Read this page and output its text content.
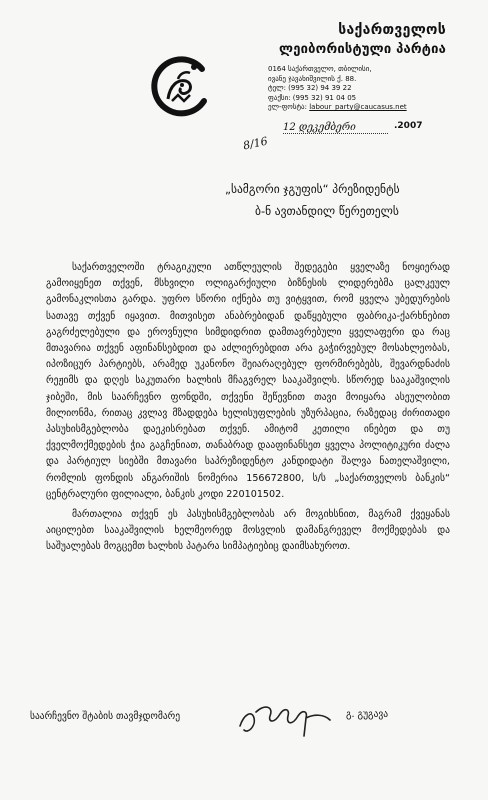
საქართველოს
ლეიბორისტული პარტია
0164 საქართველო, თბილისი,
ივანე ჯავახიშვილის ქ. 88.
ტელ: (995 32) 94 39 22
ფაქსი: (995 32) 91 04 05
ელ-ფოსტა: labour_party@caucasus.net
8/16
12 დეკემბერი	.2007
„სამგორი ჯგუფის“ პრეზიდენტს
ბ-ნ ავთანდილ წერეთელს

საქართველოში ტრაგიკული ათწლეულის შედეგები ყველაზე ნოყიერად გამოიყენეთ თქვენ, მსხვილი ოლიგარქიული ბიზნესის ლიდერებმა ცალკეულ გამონაკლისთა გარდა. უფრო სწორი იქნება თუ ვიტყვით, რომ ყველა უბედურების სათავე თქვენ იყავით. მითვისეთ ანაბრებიდან დაწყებული ფაბრიკა-ქარხნებით გაგრძელებული და ეროვნული სიმდიდრით დამთავრებული ყველაფერი და რაც მთავარია თქვენ აფინანსებდით და აძლიერებდით არა გაჭირვებულ მოსახლეობას, იპოზიცურ პარტიებს, არამედ უკანონო შეიარაღებულ ფორმირებებს, შევარდნაძის რეჟიმს და დღეს საკუთარი ხალხის მჩაგვრელ სააკაშვილს. სწორედ სააკაშვილის ჯიბეში, მის საარჩევნო ფონდში, თქვენი შეწევნით თავი მოიყარა ასეულობით მილიონმა, რითაც კვლავ მზადდება ხელისუფლების უზურპაცია, რაზედაც ძირითადი პასუხისმგებლობა დაეკისრებათ თქვენ. ამიტომ კეთილი ინებეთ და თუ ქველმოქმედების ჭია გაგჩენიათ, თანაბრად დააფინანსეთ ყველა პოლიტიკური ძალა და პარტიულ სიებში მთავარი საპრეზიდენტო კანდიდატი შალვა ნათელაშვილი, რომლის ფონდის ანგარიშის ნომერია 156672800, ს/ს „საქართველოს ბანკის“ ცენტრალური ფილიალი, ბანკის კოდი 220101502.

მართალია თქვენ ეს პასუხისმგებლობას არ მოგიხსნით, მაგრამ ქვეყანას აიცილებთ სააკაშვილის ხელმეორედ მოსვლის დამანგრეველ მოქმედებას და საშუალებას მოგცემთ ხალხის პატარა სიმპატიებიც დაიმსახუროთ.

საარჩევნო შტაბის თავმჯდომარე	გ. გუგავა
